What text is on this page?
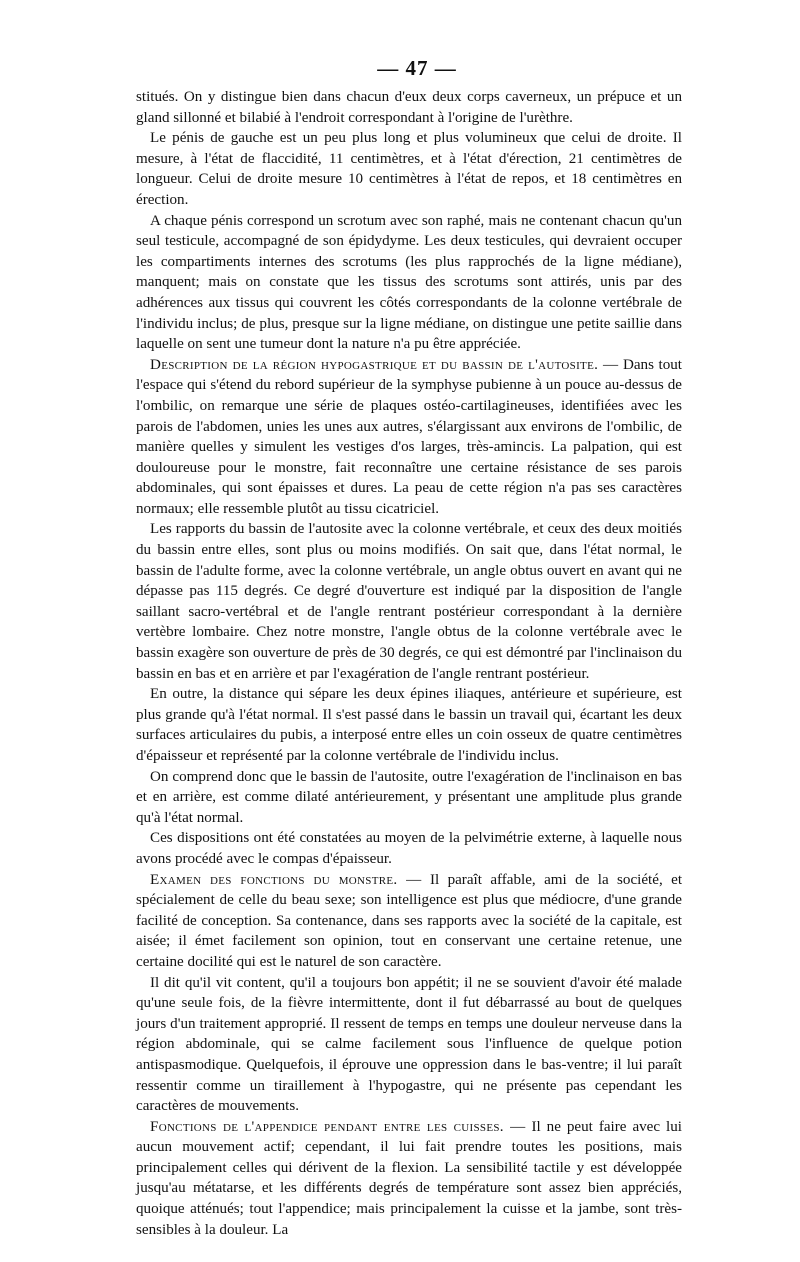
— 47 —

stitués. On y distingue bien dans chacun d'eux deux corps caverneux, un prépuce et un gland sillonné et bilabié à l'endroit correspondant à l'origine de l'urèthre.

Le pénis de gauche est un peu plus long et plus volumineux que celui de droite. Il mesure, à l'état de flaccidité, 11 centimètres, et à l'état d'érection, 21 centimètres de longueur. Celui de droite mesure 10 centimètres à l'état de repos, et 18 centimètres en érection.

A chaque pénis correspond un scrotum avec son raphé, mais ne contenant chacun qu'un seul testicule, accompagné de son épidydyme. Les deux testicules, qui devraient occuper les compartiments internes des scrotums (les plus rapprochés de la ligne médiane), manquent; mais on constate que les tissus des scrotums sont attirés, unis par des adhérences aux tissus qui couvrent les côtés correspondants de la colonne vertébrale de l'individu inclus; de plus, presque sur la ligne médiane, on distingue une petite saillie dans laquelle on sent une tumeur dont la nature n'a pu être appréciée.

Description de la région hypogastrique et du bassin de l'autosite. — Dans tout l'espace qui s'étend du rebord supérieur de la symphyse pubienne à un pouce au-dessus de l'ombilic, on remarque une série de plaques ostéo-cartilagineuses, identifiées avec les parois de l'abdomen, unies les unes aux autres, s'élargissant aux environs de l'ombilic, de manière quelles y simulent les vestiges d'os larges, très-amincis. La palpation, qui est douloureuse pour le monstre, fait reconnaître une certaine résistance de ses parois abdominales, qui sont épaisses et dures. La peau de cette région n'a pas ses caractères normaux; elle ressemble plutôt au tissu cicatriciel.

Les rapports du bassin de l'autosite avec la colonne vertébrale, et ceux des deux moitiés du bassin entre elles, sont plus ou moins modifiés. On sait que, dans l'état normal, le bassin de l'adulte forme, avec la colonne vertébrale, un angle obtus ouvert en avant qui ne dépasse pas 115 degrés. Ce degré d'ouverture est indiqué par la disposition de l'angle saillant sacro-vertébral et de l'angle rentrant postérieur correspondant à la dernière vertèbre lombaire. Chez notre monstre, l'angle obtus de la colonne vertébrale avec le bassin exagère son ouverture de près de 30 degrés, ce qui est démontré par l'inclinaison du bassin en bas et en arrière et par l'exagération de l'angle rentrant postérieur.

En outre, la distance qui sépare les deux épines iliaques, antérieure et supérieure, est plus grande qu'à l'état normal. Il s'est passé dans le bassin un travail qui, écartant les deux surfaces articulaires du pubis, a interposé entre elles un coin osseux de quatre centimètres d'épaisseur et représenté par la colonne vertébrale de l'individu inclus.

On comprend donc que le bassin de l'autosite, outre l'exagération de l'inclinaison en bas et en arrière, est comme dilaté antérieurement, y présentant une amplitude plus grande qu'à l'état normal.

Ces dispositions ont été constatées au moyen de la pelvimétrie externe, à laquelle nous avons procédé avec le compas d'épaisseur.

Examen des fonctions du monstre. — Il paraît affable, ami de la société, et spécialement de celle du beau sexe; son intelligence est plus que médiocre, d'une grande facilité de conception. Sa contenance, dans ses rapports avec la société de la capitale, est aisée; il émet facilement son opinion, tout en conservant une certaine retenue, une certaine docilité qui est le naturel de son caractère.

Il dit qu'il vit content, qu'il a toujours bon appétit; il ne se souvient d'avoir été malade qu'une seule fois, de la fièvre intermittente, dont il fut débarrassé au bout de quelques jours d'un traitement approprié. Il ressent de temps en temps une douleur nerveuse dans la région abdominale, qui se calme facilement sous l'influence de quelque potion antispasmodique. Quelquefois, il éprouve une oppression dans le bas-ventre; il lui paraît ressentir comme un tiraillement à l'hypogastre, qui ne présente pas cependant les caractères de mouvements.

Fonctions de l'appendice pendant entre les cuisses. — Il ne peut faire avec lui aucun mouvement actif; cependant, il lui fait prendre toutes les positions, mais principalement celles qui dérivent de la flexion. La sensibilité tactile y est développée jusqu'au métatarse, et les différents degrés de température sont assez bien appréciés, quoique atténués; tout l'appendice; mais principalement la cuisse et la jambe, sont très-sensibles à la douleur. La
